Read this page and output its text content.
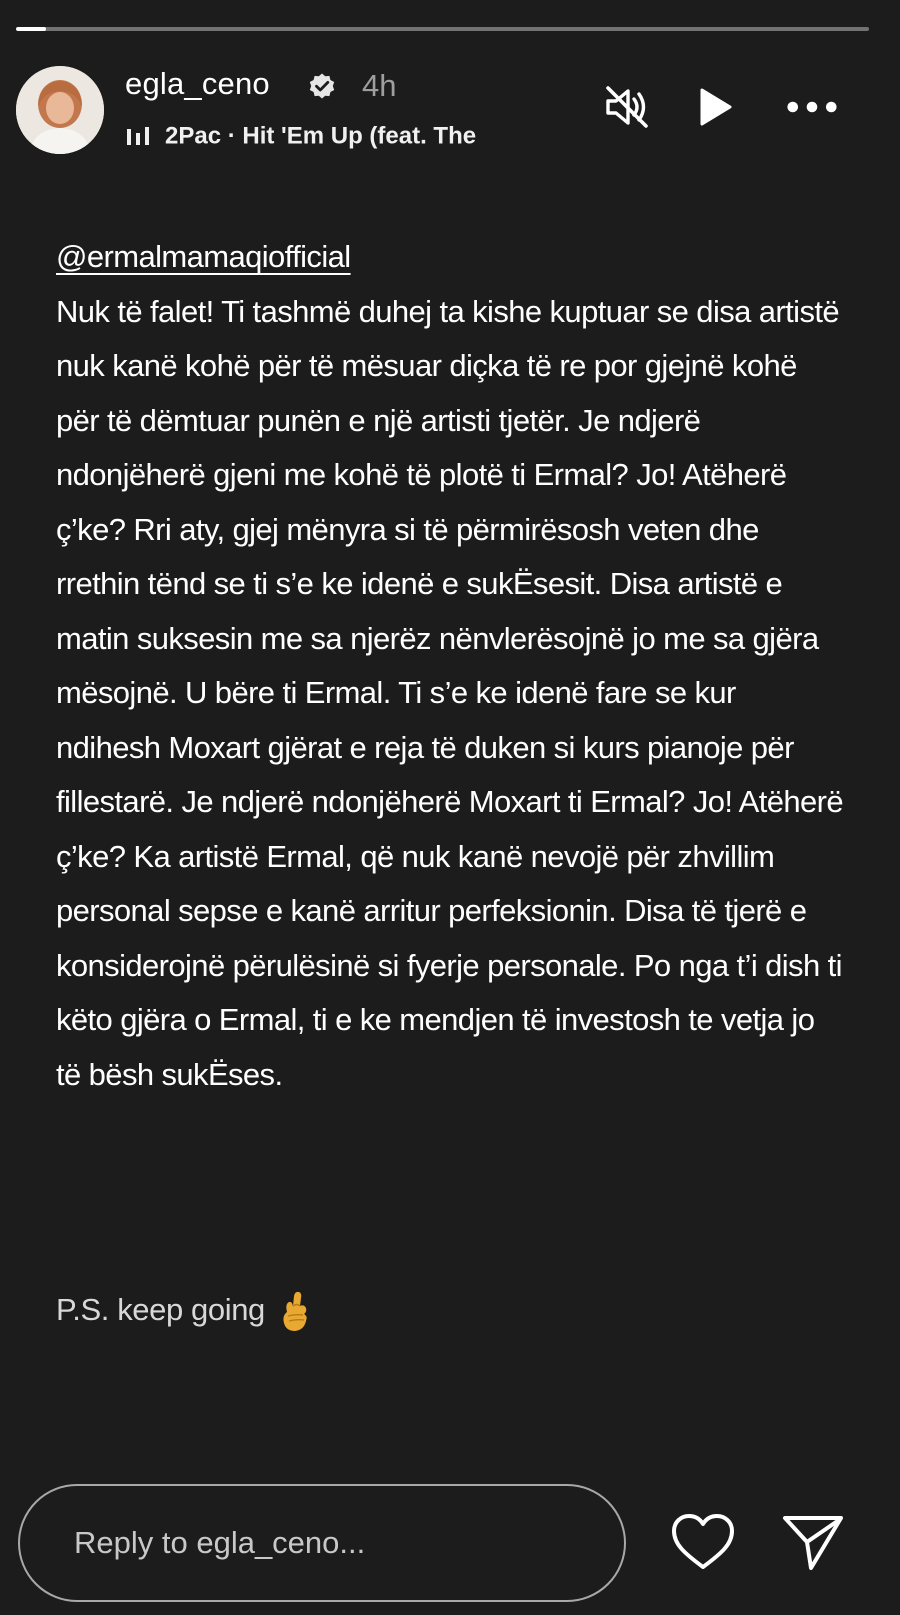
egla_ceno	4h
2Pac · Hit 'Em Up (feat. The
@ermalmamaqiofficial

Nuk të falet! Ti tashmë duhej ta kishe kuptuar se disa artistë nuk kanë kohë për të mësuar diçka të re por gjejnë kohë për të dëmtuar punën e një artisti tjetër. Je ndjerë ndonjëherë gjeni me kohë të plotë ti Ermal? Jo! Atëherë ç’ke? Rri aty, gjej mënyra si të përmirësosh veten dhe rrethin tënd se ti s’e ke idenë e sukËsesit. Disa artistë e matin suksesin me sa njerëz nënvlerësojnë jo me sa gjëra mësojnë. U bëre ti Ermal. Ti s’e ke idenë fare se kur ndihesh Moxart gjërat e reja të duken si kurs pianoje për fillestarë. Je ndjerë ndonjëherë Moxart ti Ermal? Jo! Atëherë ç’ke? Ka artistë Ermal, që nuk kanë nevojë për zhvillim personal sepse e kanë arritur perfeksionin. Disa të tjerë e konsiderojnë përulësinë si fyerje personale. Po nga t’i dish ti këto gjëra o Ermal, ti e ke mendjen të investosh te vetja jo të bësh sukËses.

P.S. keep going
Reply to egla_ceno...
